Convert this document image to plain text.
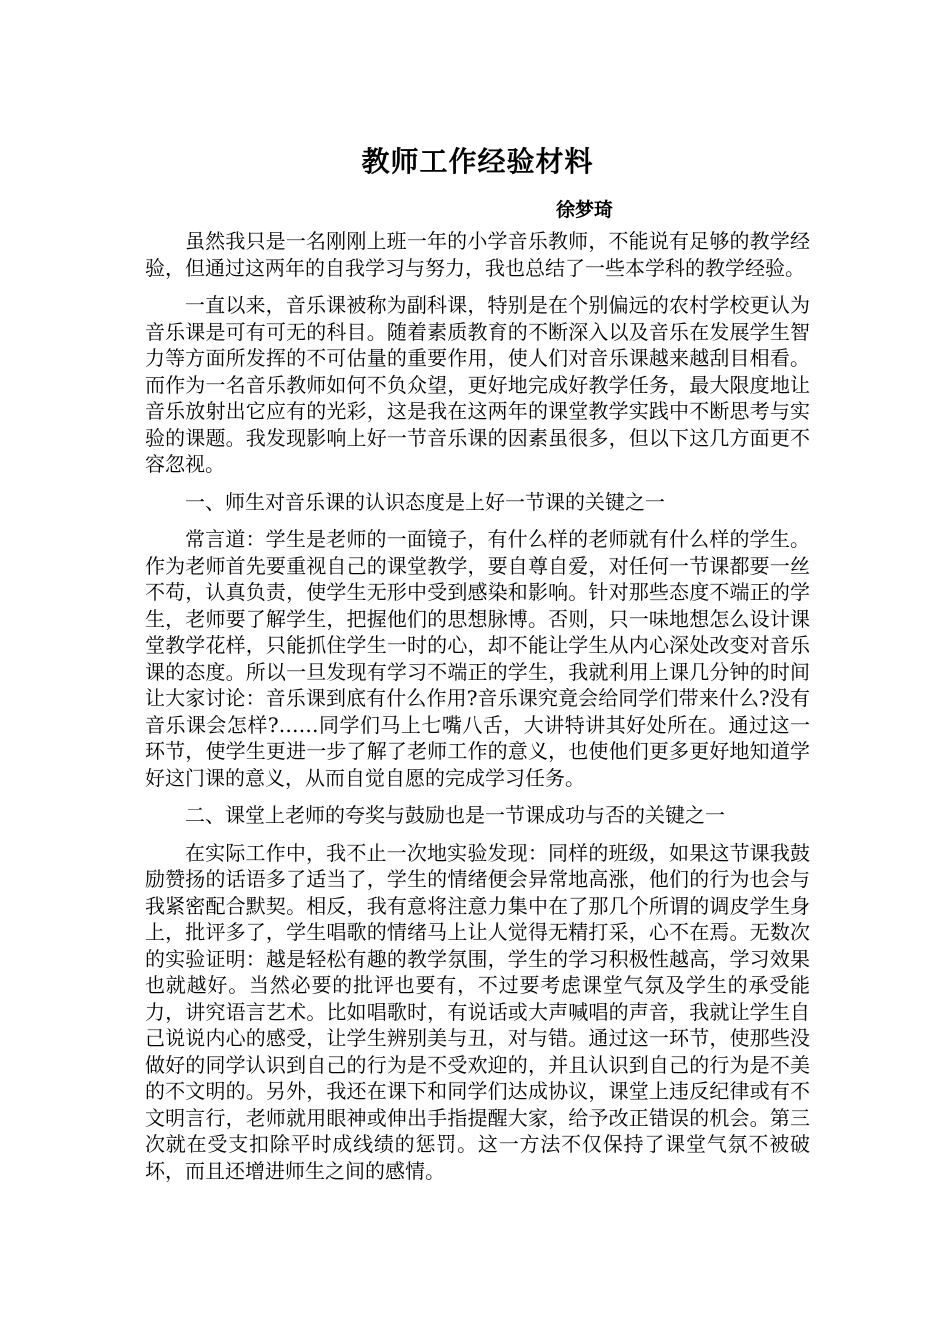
教师工作经验材料
徐梦琦

虽然我只是一名刚刚上班一年的小学音乐教师，不能说有足够的教学经验，但通过这两年的自我学习与努力，我也总结了一些本学科的教学经验。

一直以来，音乐课被称为副科课，特别是在个别偏远的农村学校更认为音乐课是可有可无的科目。随着素质教育的不断深入以及音乐在发展学生智力等方面所发挥的不可估量的重要作用，使人们对音乐课越来越刮目相看。而作为一名音乐教师如何不负众望，更好地完成好教学任务，最大限度地让音乐放射出它应有的光彩，这是我在这两年的课堂教学实践中不断思考与实验的课题。我发现影响上好一节音乐课的因素虽很多，但以下这几方面更不容忽视。

一、师生对音乐课的认识态度是上好一节课的关键之一

常言道：学生是老师的一面镜子，有什么样的老师就有什么样的学生。作为老师首先要重视自己的课堂教学，要自尊自爱，对任何一节课都要一丝不苟，认真负责，使学生无形中受到感染和影响。针对那些态度不端正的学生，老师要了解学生，把握他们的思想脉博。否则，只一味地想怎么设计课堂教学花样，只能抓住学生一时的心，却不能让学生从内心深处改变对音乐课的态度。所以一旦发现有学习不端正的学生，我就利用上课几分钟的时间让大家讨论：音乐课到底有什么作用?音乐课究竟会给同学们带来什么?没有音乐课会怎样?……同学们马上七嘴八舌，大讲特讲其好处所在。通过这一环节，使学生更进一步了解了老师工作的意义，也使他们更多更好地知道学好这门课的意义，从而自觉自愿的完成学习任务。

二、课堂上老师的夸奖与鼓励也是一节课成功与否的关键之一

在实际工作中，我不止一次地实验发现：同样的班级，如果这节课我鼓励赞扬的话语多了适当了，学生的情绪便会异常地高涨，他们的行为也会与我紧密配合默契。相反，我有意将注意力集中在了那几个所谓的调皮学生身上，批评多了，学生唱歌的情绪马上让人觉得无精打采，心不在焉。无数次的实验证明：越是轻松有趣的教学氛围，学生的学习积极性越高，学习效果也就越好。当然必要的批评也要有，不过要考虑课堂气氛及学生的承受能力，讲究语言艺术。比如唱歌时，有说话或大声喊唱的声音，我就让学生自己说说内心的感受，让学生辨别美与丑，对与错。通过这一环节，使那些没做好的同学认识到自己的行为是不受欢迎的，并且认识到自己的行为是不美的不文明的。另外，我还在课下和同学们达成协议，课堂上违反纪律或有不文明言行，老师就用眼神或伸出手指提醒大家，给予改正错误的机会。第三次就在受支扣除平时成线绩的惩罚。这一方法不仅保持了课堂气氛不被破坏，而且还增进师生之间的感情。
